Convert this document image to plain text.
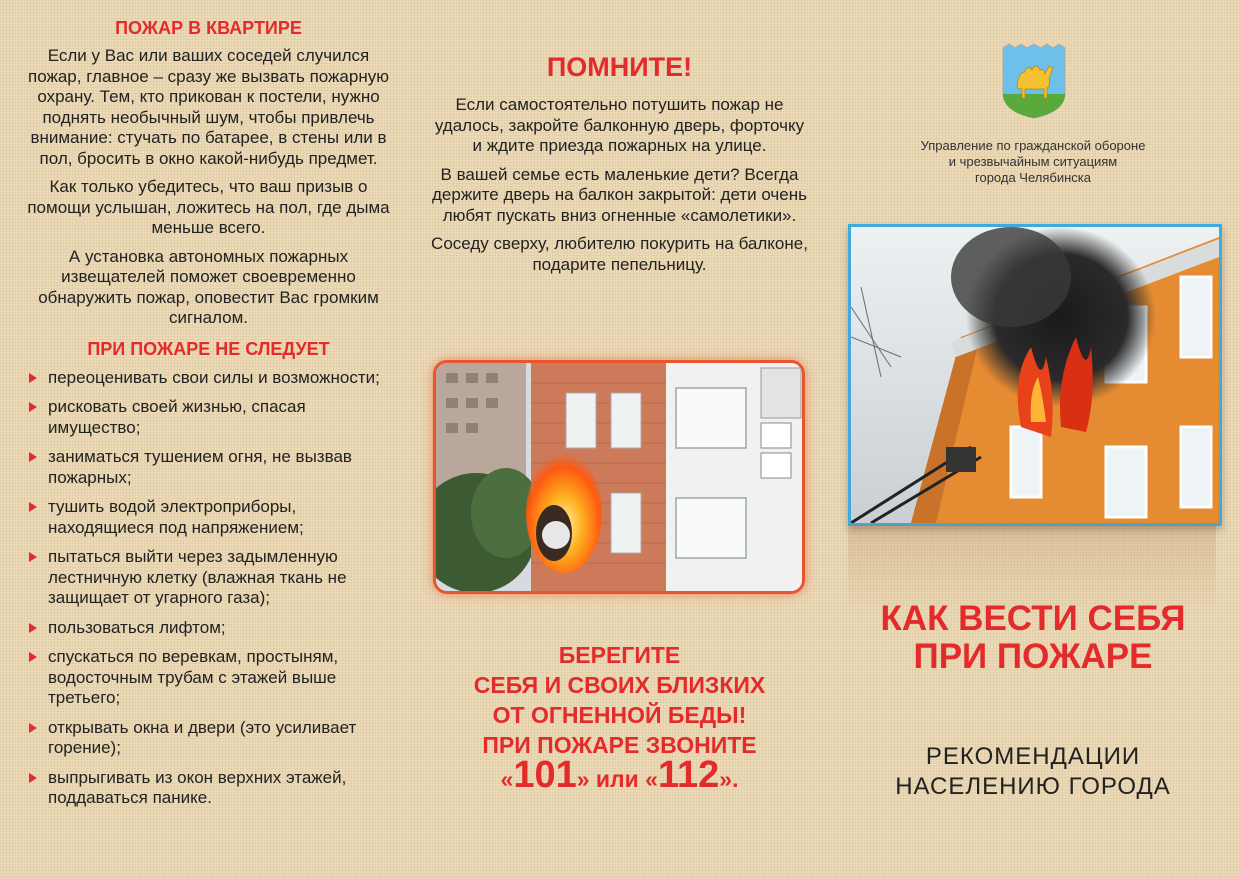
ПОЖАР В КВАРТИРЕ

Если у Вас или ваших соседей случился пожар, главное – сразу же вызвать пожарную охрану. Тем, кто прикован к постели, нужно поднять необычный шум, чтобы привлечь внимание: стучать по батарее, в стены или в пол, бросить в окно какой-нибудь предмет.

Как только убедитесь, что ваш призыв о помощи услышан, ложитесь на пол, где дыма меньше всего.

А установка автономных пожарных извещателей поможет своевременно обнаружить пожар, оповестит Вас громким сигналом.

ПРИ ПОЖАРЕ НЕ СЛЕДУЕТ
переоценивать свои силы и возможности;
рисковать своей жизнью, спасая имущество;
заниматься тушением огня, не вызвав пожарных;
тушить водой электроприборы, находящиеся под напряжением;
пытаться выйти через задымленную лестничную клетку (влажная ткань не защищает от угарного газа);
пользоваться лифтом;
спускаться по веревкам, простыням, водосточным трубам с этажей выше третьего;
открывать окна и двери (это усиливает горение);
выпрыгивать из окон верхних этажей, поддаваться панике.
ПОМНИТЕ!

Если самостоятельно потушить пожар не удалось, закройте балконную дверь, форточку и ждите приезда пожарных на улице.

В вашей семье есть маленькие дети? Всегда держите дверь на балкон закрытой: дети очень любят пускать вниз огненные «самолетики».

Соседу сверху, любителю покурить на балконе, подарите пепельницу.

БЕРЕГИТЕ
СЕБЯ И СВОИХ БЛИЗКИХ
ОТ ОГНЕННОЙ БЕДЫ!
ПРИ ПОЖАРЕ ЗВОНИТЕ
«101» или «112».
Управление по гражданской обороне
и чрезвычайным ситуациям
города Челябинска
КАК ВЕСТИ СЕБЯ
ПРИ ПОЖАРЕ
РЕКОМЕНДАЦИИ
НАСЕЛЕНИЮ ГОРОДА
